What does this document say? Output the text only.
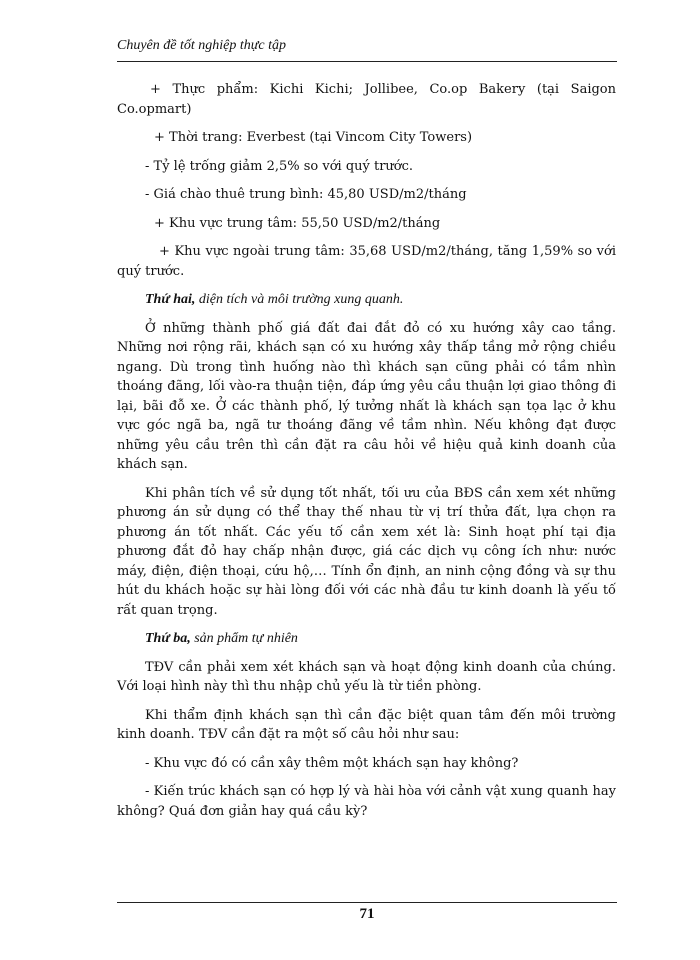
Chuyên đề tốt nghiệp thực tập

+ Thực phẩm: Kichi Kichi; Jollibee, Co.op Bakery (tại Saigon Co.opmart)

+ Thời trang: Everbest (tại Vincom City Towers)

- Tỷ lệ trống giảm 2,5% so với quý trước.

- Giá chào thuê trung bình: 45,80 USD/m2/tháng

+ Khu vực trung tâm: 55,50 USD/m2/tháng

+ Khu vực ngoài trung tâm: 35,68 USD/m2/tháng, tăng 1,59% so với quý trước.

Thứ hai, diện tích và môi trường xung quanh.

Ở những thành phố giá đất đai đắt đỏ có xu hướng xây cao tầng. Những nơi rộng rãi, khách sạn có xu hướng xây thấp tầng mở rộng chiều ngang. Dù trong tình huống nào thì khách sạn cũng phải có tầm nhìn thoáng đãng, lối vào-ra thuận tiện, đáp ứng yêu cầu thuận lợi giao thông đi lại, bãi đỗ xe. Ở các thành phố, lý tưởng nhất là khách sạn tọa lạc ở khu vực góc ngã ba, ngã tư thoáng đãng về tầm nhìn. Nếu không đạt được những yêu cầu trên thì cần đặt ra câu hỏi về hiệu quả kinh doanh của khách sạn.

Khi phân tích về sử dụng tốt nhất, tối ưu của BĐS cần xem xét những phương án sử dụng có thể thay thế nhau từ vị trí thửa đất, lựa chọn ra phương án tốt nhất. Các yếu tố cần xem xét là: Sinh hoạt phí tại địa phương đắt đỏ hay chấp nhận được, giá các dịch vụ công ích như: nước máy, điện, điện thoại, cứu hộ,… Tính ổn định, an ninh cộng đồng và sự thu hút du khách hoặc sự hài lòng đối với các nhà đầu tư kinh doanh là yếu tố rất quan trọng.

Thứ ba, sản phẩm tự nhiên

TĐV cần phải xem xét khách sạn và hoạt động kinh doanh của chúng. Với loại hình này thì thu nhập chủ yếu là từ tiền phòng.

Khi thẩm định khách sạn thì cần đặc biệt quan tâm đến môi trường kinh doanh. TĐV cần đặt ra một số câu hỏi như sau:

- Khu vực đó có cần xây thêm một khách sạn hay không?

- Kiến trúc khách sạn có hợp lý và hài hòa với cảnh vật xung quanh hay không? Quá đơn giản hay quá cầu kỳ?

71
